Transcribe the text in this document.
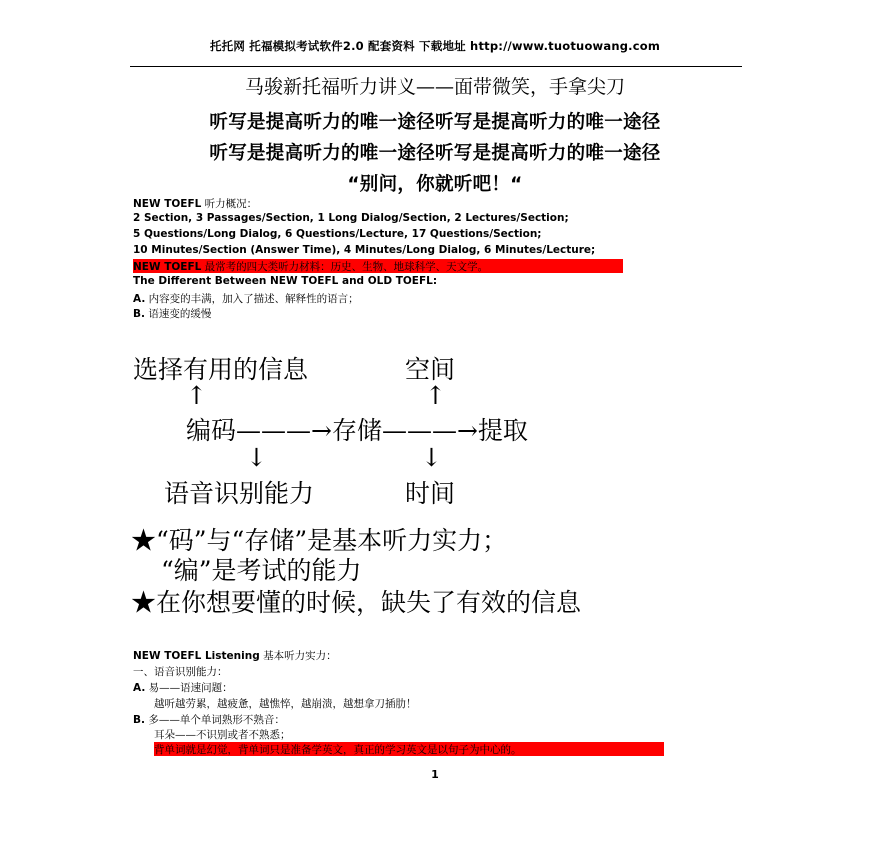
托托网 托福模拟考试软件2.0 配套资料 下载地址 http://www.tuotuowang.com
马骏新托福听力讲义——面带微笑，手拿尖刀
听写是提高听力的唯一途径听写是提高听力的唯一途径
听写是提高听力的唯一途径听写是提高听力的唯一途径
“别问，你就听吧！“
NEW TOEFL 听力概况：
2 Section, 3 Passages/Section, 1 Long Dialog/Section, 2 Lectures/Section;
5 Questions/Long Dialog, 6 Questions/Lecture, 17 Questions/Section;
10 Minutes/Section (Answer Time), 4 Minutes/Long Dialog, 6 Minutes/Lecture;
NEW TOEFL 最常考的四大类听力材料：历史、生物、地球科学、天文学。
The Different Between NEW TOEFL and OLD TOEFL:
A. 内容变的丰满，加入了描述、解释性的语言；
B. 语速变的缓慢
选择有用的信息	空间
↑	↑
编码———→存储———→提取
↓	↓
语音识别能力	时间
★“码”与“存储”是基本听力实力；
“编”是考试的能力
★在你想要懂的时候，缺失了有效的信息
NEW TOEFL Listening 基本听力实力：
一、语音识别能力：
A. 易——语速问题：
越听越劳累，越疲惫，越憔悴，越崩溃，越想拿刀插肋！
B. 多——单个单词熟形不熟音：
耳朵——不识别或者不熟悉；
背单词就是幻觉，背单词只是准备学英文，真正的学习英文是以句子为中心的。
1
